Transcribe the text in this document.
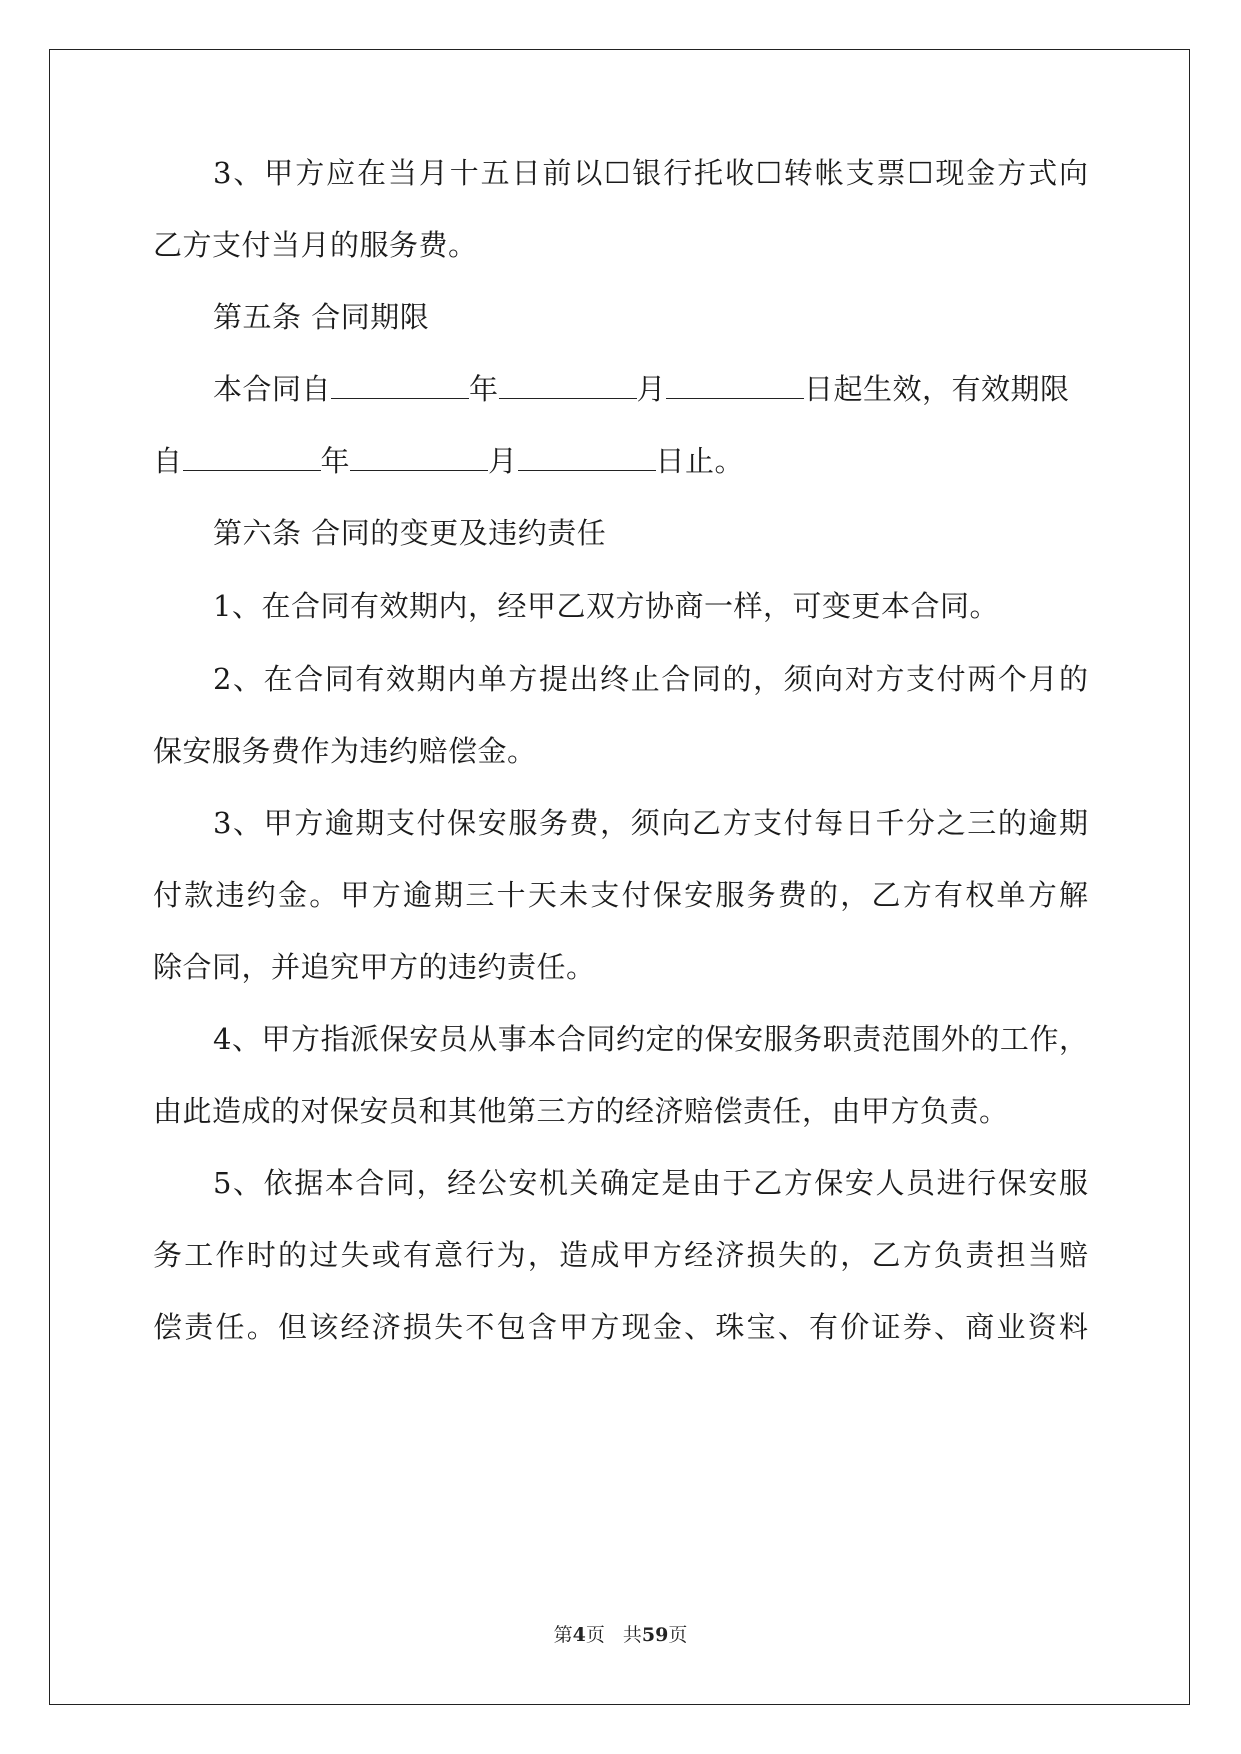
3、甲方应在当月十五日前以☐银行托收☐转帐支票☐现金方式向
乙方支付当月的服务费。
第五条 合同期限
本合同自	年	月	日起生效，有效期限
自	年	月	日止。
第六条 合同的变更及违约责任
1、在合同有效期内，经甲乙双方协商一样，可变更本合同。
2、在合同有效期内单方提出终止合同的，须向对方支付两个月的
保安服务费作为违约赔偿金。
3、甲方逾期支付保安服务费，须向乙方支付每日千分之三的逾期
付款违约金。甲方逾期三十天未支付保安服务费的，乙方有权单方解
除合同，并追究甲方的违约责任。
4、甲方指派保安员从事本合同约定的保安服务职责范围外的工作，
由此造成的对保安员和其他第三方的经济赔偿责任，由甲方负责。
5、依据本合同，经公安机关确定是由于乙方保安人员进行保安服
务工作时的过失或有意行为，造成甲方经济损失的，乙方负责担当赔
偿责任。但该经济损失不包含甲方现金、珠宝、有价证券、商业资料
第4页 共59页
